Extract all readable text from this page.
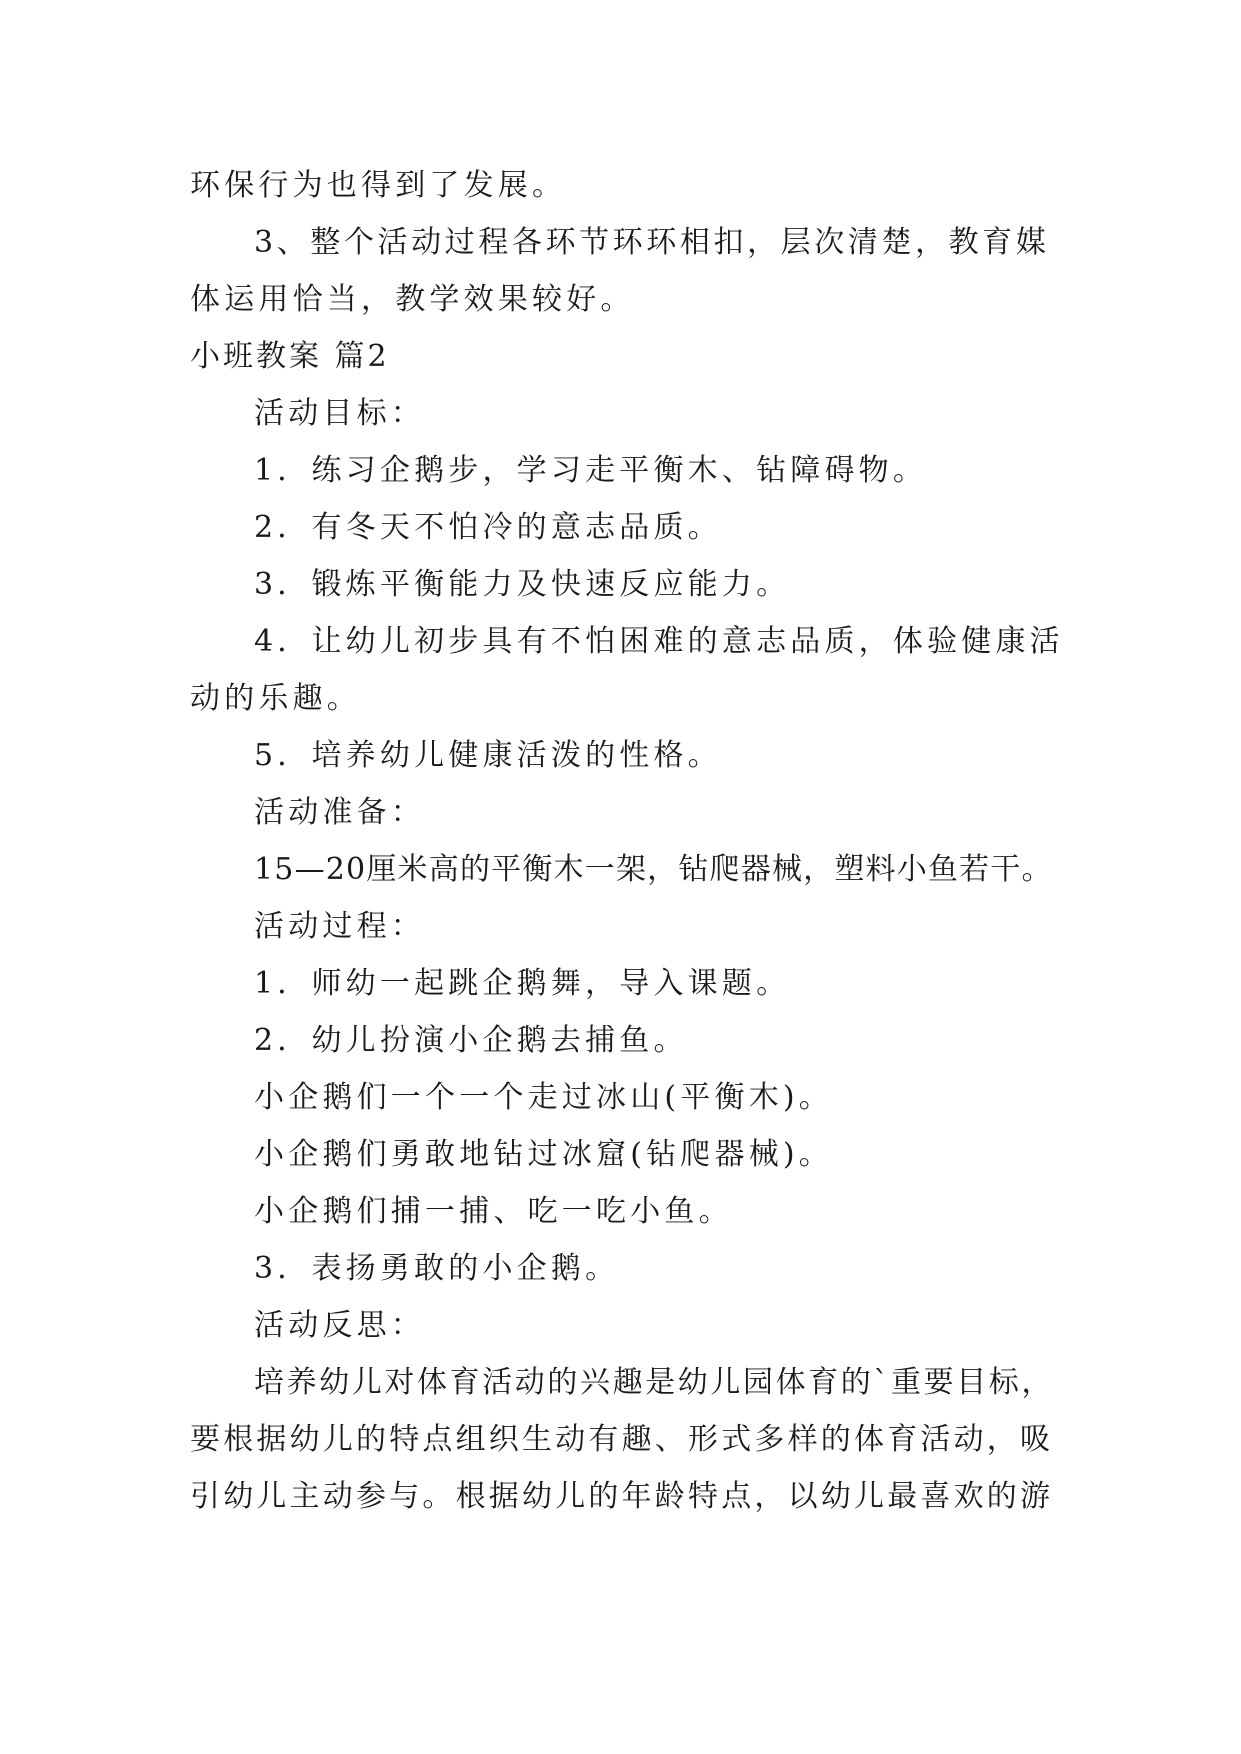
环保行为也得到了发展。
3、整个活动过程各环节环环相扣，层次清楚，教育媒
体运用恰当，教学效果较好。
小班教案 篇2
活动目标：
1．练习企鹅步，学习走平衡木、钻障碍物。
2．有冬天不怕冷的意志品质。
3．锻炼平衡能力及快速反应能力。
4．让幼儿初步具有不怕困难的意志品质，体验健康活
动的乐趣。
5．培养幼儿健康活泼的性格。
活动准备：
15—20厘米高的平衡木一架，钻爬器械，塑料小鱼若干。
活动过程：
1．师幼一起跳企鹅舞，导入课题。
2．幼儿扮演小企鹅去捕鱼。
小企鹅们一个一个走过冰山(平衡木)。
小企鹅们勇敢地钻过冰窟(钻爬器械)。
小企鹅们捕一捕、吃一吃小鱼。
3．表扬勇敢的小企鹅。
活动反思：
培养幼儿对体育活动的兴趣是幼儿园体育的`重要目标，
要根据幼儿的特点组织生动有趣、形式多样的体育活动，吸
引幼儿主动参与。根据幼儿的年龄特点，以幼儿最喜欢的游
